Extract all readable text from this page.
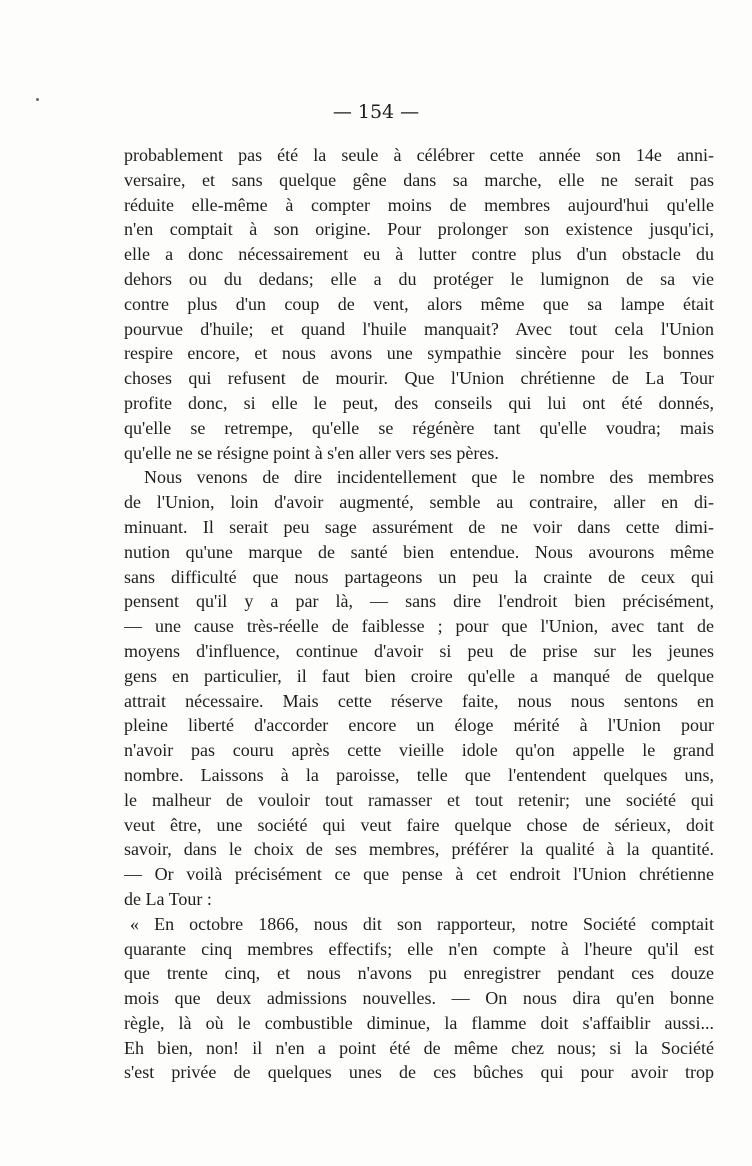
— 154 —
probablement pas été la seule à célébrer cette année son 14e anni-
versaire, et sans quelque gêne dans sa marche, elle ne serait pas
réduite elle-même à compter moins de membres aujourd'hui qu'elle
n'en comptait à son origine. Pour prolonger son existence jusqu'ici,
elle a donc nécessairement eu à lutter contre plus d'un obstacle du
dehors ou du dedans; elle a du protéger le lumignon de sa vie
contre plus d'un coup de vent, alors même que sa lampe était
pourvue d'huile; et quand l'huile manquait? Avec tout cela l'Union
respire encore, et nous avons une sympathie sincère pour les bonnes
choses qui refusent de mourir. Que l'Union chrétienne de La Tour
profite donc, si elle le peut, des conseils qui lui ont été donnés,
qu'elle se retrempe, qu'elle se régénère tant qu'elle voudra; mais
qu'elle ne se résigne point à s'en aller vers ses pères.
Nous venons de dire incidentellement que le nombre des membres
de l'Union, loin d'avoir augmenté, semble au contraire, aller en di-
minuant. Il serait peu sage assurément de ne voir dans cette dimi-
nution qu'une marque de santé bien entendue. Nous avourons même
sans difficulté que nous partageons un peu la crainte de ceux qui
pensent qu'il y a par là, — sans dire l'endroit bien précisément,
— une cause très-réelle de faiblesse ; pour que l'Union, avec tant de
moyens d'influence, continue d'avoir si peu de prise sur les jeunes
gens en particulier, il faut bien croire qu'elle a manqué de quelque
attrait nécessaire. Mais cette réserve faite, nous nous sentons en
pleine liberté d'accorder encore un éloge mérité à l'Union pour
n'avoir pas couru après cette vieille idole qu'on appelle le grand
nombre. Laissons à la paroisse, telle que l'entendent quelques uns,
le malheur de vouloir tout ramasser et tout retenir; une société qui
veut être, une société qui veut faire quelque chose de sérieux, doit
savoir, dans le choix de ses membres, préférer la qualité à la quantité.
— Or voilà précisément ce que pense à cet endroit l'Union chrétienne
de La Tour :
« En octobre 1866, nous dit son rapporteur, notre Société comptait
quarante cinq membres effectifs; elle n'en compte à l'heure qu'il est
que trente cinq, et nous n'avons pu enregistrer pendant ces douze
mois que deux admissions nouvelles. — On nous dira qu'en bonne
règle, là où le combustible diminue, la flamme doit s'affaiblir aussi...
Eh bien, non! il n'en a point été de même chez nous; si la Société
s'est privée de quelques unes de ces bûches qui pour avoir trop
